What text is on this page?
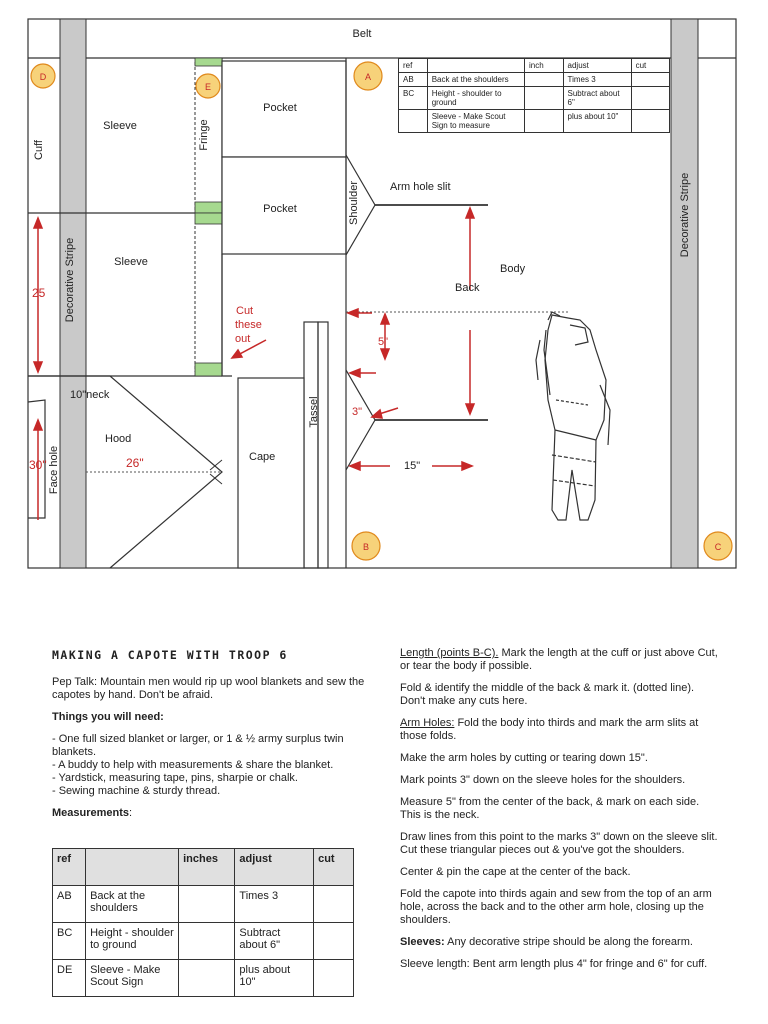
D
E
A
B	C
Belt
Sleeve
Sleeve
Cuff	Fringe
Pocket
Pocket	Shoulder	Arm hole slit
Body
Back
Cut
these
out	5"
3"
15"
25
30"	26"
10"neck
Hood
Face hole	Cape
Tassel
Decorative Stripe
Decorative Stripe
ref		inch	adjust	cut
AB	Back at the shoulders		Times 3	
BC	Height - shoulder to ground		Subtract about 6"	
	Sleeve - Make Scout Sign to measure		plus about 10"	
MAKING A CAPOTE WITH TROOP 6

Pep Talk: Mountain men would rip up wool blankets and sew the capotes by hand. Don't be afraid.

Things you will need:

- One full sized blanket or larger, or 1 & ½ army surplus twin blankets.
- A buddy to help with measurements & share the blanket.
- Yardstick, measuring tape, pins, sharpie or chalk.
- Sewing machine & sturdy thread.

Measurements:

ref		inches	adjust	cut
AB	Back at the shoulders		Times 3	
BC	Height - shoulder to ground		Subtract about 6"	
DE	Sleeve - Make Scout Sign		plus about 10"	

Length (points B-C). Mark the length at the cuff or just above Cut, or tear the body if possible.

Fold & identify the middle of the back & mark it. (dotted line). Don't make any cuts here.

Arm Holes: Fold the body into thirds and mark the arm slits at those folds.

Make the arm holes by cutting or tearing down 15".

Mark points 3" down on the sleeve holes for the shoulders.

Measure 5" from the center of the back, & mark on each side. This is the neck.

Draw lines from this point to the marks 3" down on the sleeve slit. Cut these triangular pieces out & you've got the shoulders.

Center & pin the cape at the center of the back.

Fold the capote into thirds again and sew from the top of an arm hole, across the back and to the other arm hole, closing up the shoulders.

Sleeves: Any decorative stripe should be along the forearm.

Sleeve length: Bent arm length plus 4" for fringe and 6" for cuff.
